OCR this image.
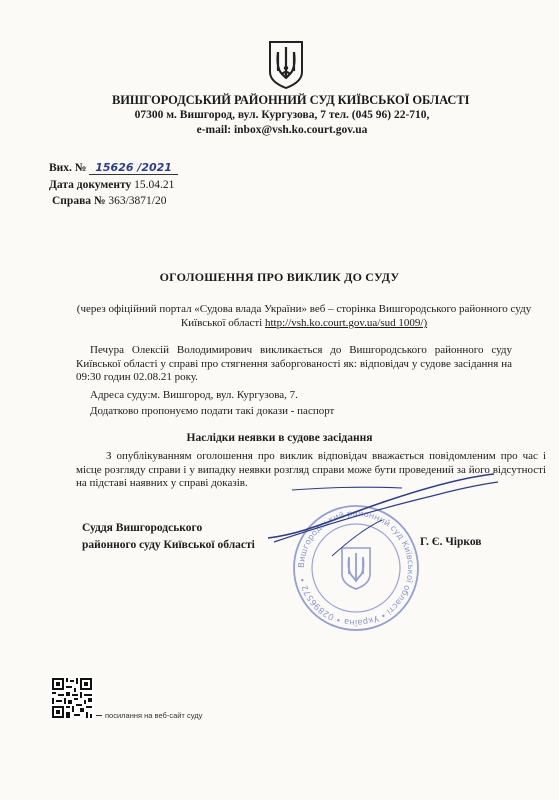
ВИШГОРОДСЬКИЙ РАЙОННИЙ СУД КИЇВСЬКОЇ ОБЛАСТІ
07300 м. Вишгород, вул. Кургузова, 7 тел. (045 96) 22-710,
e-mail: inbox@vsh.ko.court.gov.ua
Вих. № 15626 /2021
Дата документу 15.04.21
Справа № 363/3871/20
ОГОЛОШЕННЯ ПРО ВИКЛИК ДО СУДУ
(через офіційний портал «Судова влада України» веб – сторінка Вишгородського районного суду Київської області http://vsh.ko.court.gov.ua/sud 1009/)
Печура Олексій Володимирович викликається до Вишгородського районного суду Київської області у справі про стягнення заборгованості як: відповідач у судове засідання на 09:30 годин 02.08.21 року.
Адреса суду:м. Вишгород, вул. Кургузова, 7.
Додатково пропонуємо подати такі докази - паспорт
Наслідки неявки в судове засідання
З опублікуванням оголошення про виклик відповідач вважається повідомленим про час і місце розгляду справи і у випадку неявки розгляд справи може бути проведений за його відсутності на підставі наявних у справі доказів.
Вишгородський районний суд Київської області • Україна • 02896572 •
Суддя Вишгородського
районного суду Київської області	Г. Є. Чірков
посилання на веб-сайт суду
